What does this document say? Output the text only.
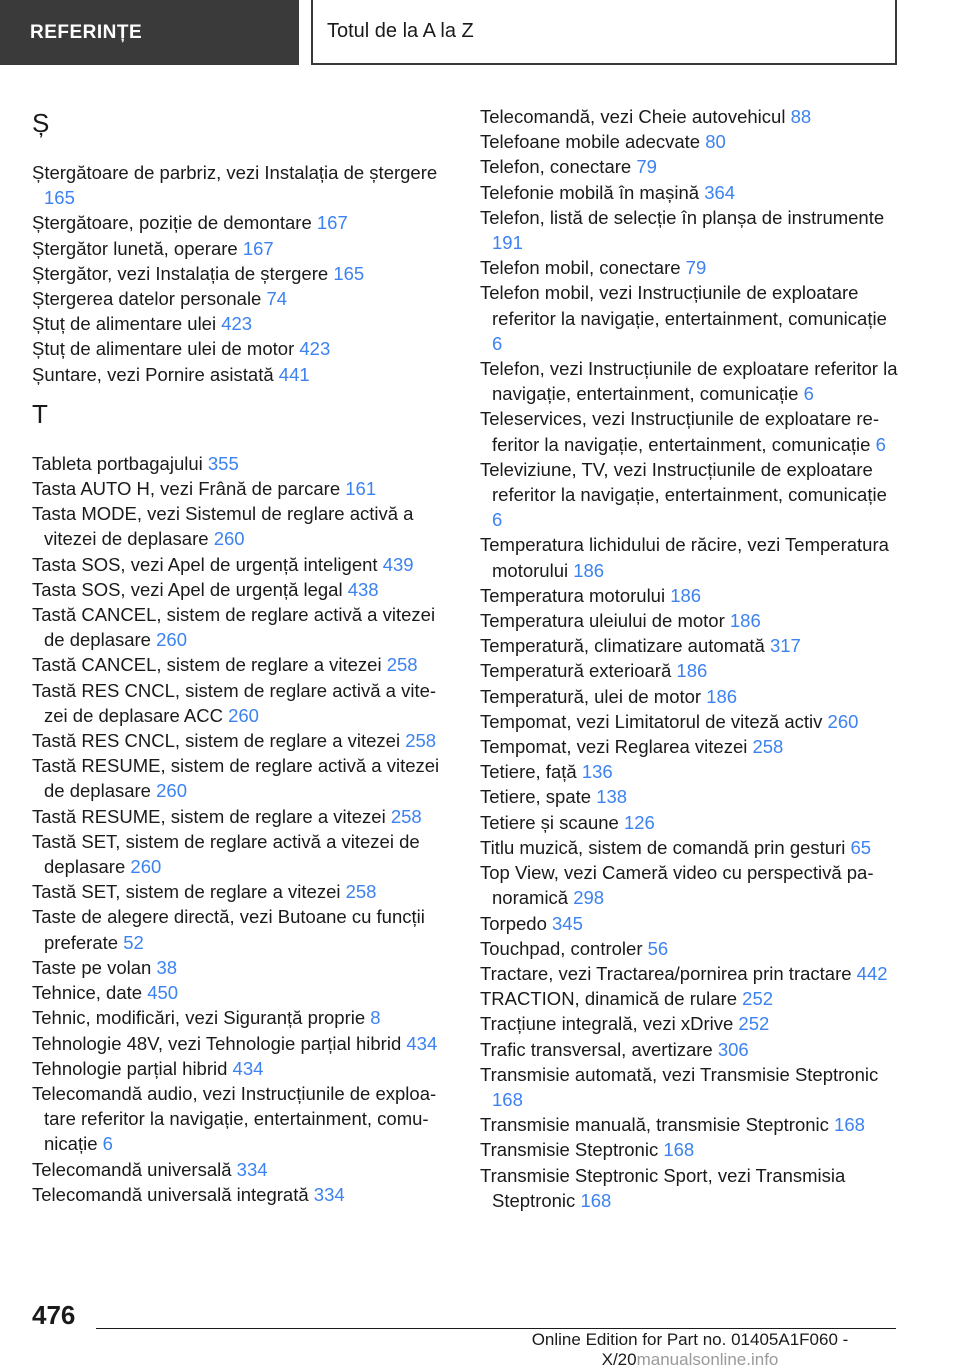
REFERINȚE	Totul de la A la Z
Ș
Ștergătoare de parbriz, vezi Instalația de ștergere 165
Ștergătoare, poziție de demontare 167
Ștergător lunetă, operare 167
Ștergător, vezi Instalația de ștergere 165
Ștergerea datelor personale 74
Ștuț de alimentare ulei 423
Ștuț de alimentare ulei de motor 423
Șuntare, vezi Pornire asistată 441
T
Tableta portbagajului 355
Tasta AUTO H, vezi Frână de parcare 161
Tasta MODE, vezi Sistemul de reglare activă a vitezei de deplasare 260
Tasta SOS, vezi Apel de urgență inteligent 439
Tasta SOS, vezi Apel de urgență legal 438
Tastă CANCEL, sistem de reglare activă a vitezei de deplasare 260
Tastă CANCEL, sistem de reglare a vitezei 258
Tastă RES CNCL, sistem de reglare activă a vitezei de deplasare ACC 260
Tastă RES CNCL, sistem de reglare a vitezei 258
Tastă RESUME, sistem de reglare activă a vitezei de deplasare 260
Tastă RESUME, sistem de reglare a vitezei 258
Tastă SET, sistem de reglare activă a vitezei de deplasare 260
Tastă SET, sistem de reglare a vitezei 258
Taste de alegere directă, vezi Butoane cu funcții preferate 52
Taste pe volan 38
Tehnice, date 450
Tehnic, modificări, vezi Siguranță proprie 8
Tehnologie 48V, vezi Tehnologie parțial hibrid 434
Tehnologie parțial hibrid 434
Telecomandă audio, vezi Instrucțiunile de exploatare referitor la navigație, entertainment, comunicație 6
Telecomandă universală 334
Telecomandă universală integrată 334
Telecomandă, vezi Cheie autovehicul 88
Telefoane mobile adecvate 80
Telefon, conectare 79
Telefonie mobilă în mașină 364
Telefon, listă de selecție în planșa de instrumente 191
Telefon mobil, conectare 79
Telefon mobil, vezi Instrucțiunile de exploatare referitor la navigație, entertainment, comunicație 6
Telefon, vezi Instrucțiunile de exploatare referitor la navigație, entertainment, comunicație 6
Teleservices, vezi Instrucțiunile de exploatare referitor la navigație, entertainment, comunicație 6
Televiziune, TV, vezi Instrucțiunile de exploatare referitor la navigație, entertainment, comunicație 6
Temperatura lichidului de răcire, vezi Temperatura motorului 186
Temperatura motorului 186
Temperatura uleiului de motor 186
Temperatură, climatizare automată 317
Temperatură exterioară 186
Temperatură, ulei de motor 186
Tempomat, vezi Limitatorul de viteză activ 260
Tempomat, vezi Reglarea vitezei 258
Tetiere, față 136
Tetiere, spate 138
Tetiere și scaune 126
Titlu muzică, sistem de comandă prin gesturi 65
Top View, vezi Cameră video cu perspectivă panoramică 298
Torpedo 345
Touchpad, controler 56
Tractare, vezi Tractarea/pornirea prin tractare 442
TRACTION, dinamică de rulare 252
Tracțiune integrală, vezi xDrive 252
Trafic transversal, avertizare 306
Transmisie automată, vezi Transmisie Steptronic 168
Transmisie manuală, transmisie Steptronic 168
Transmisie Steptronic 168
Transmisie Steptronic Sport, vezi Transmisia Steptronic 168
476
Online Edition for Part no. 01405A1F060 - X/20manualsonline.info
